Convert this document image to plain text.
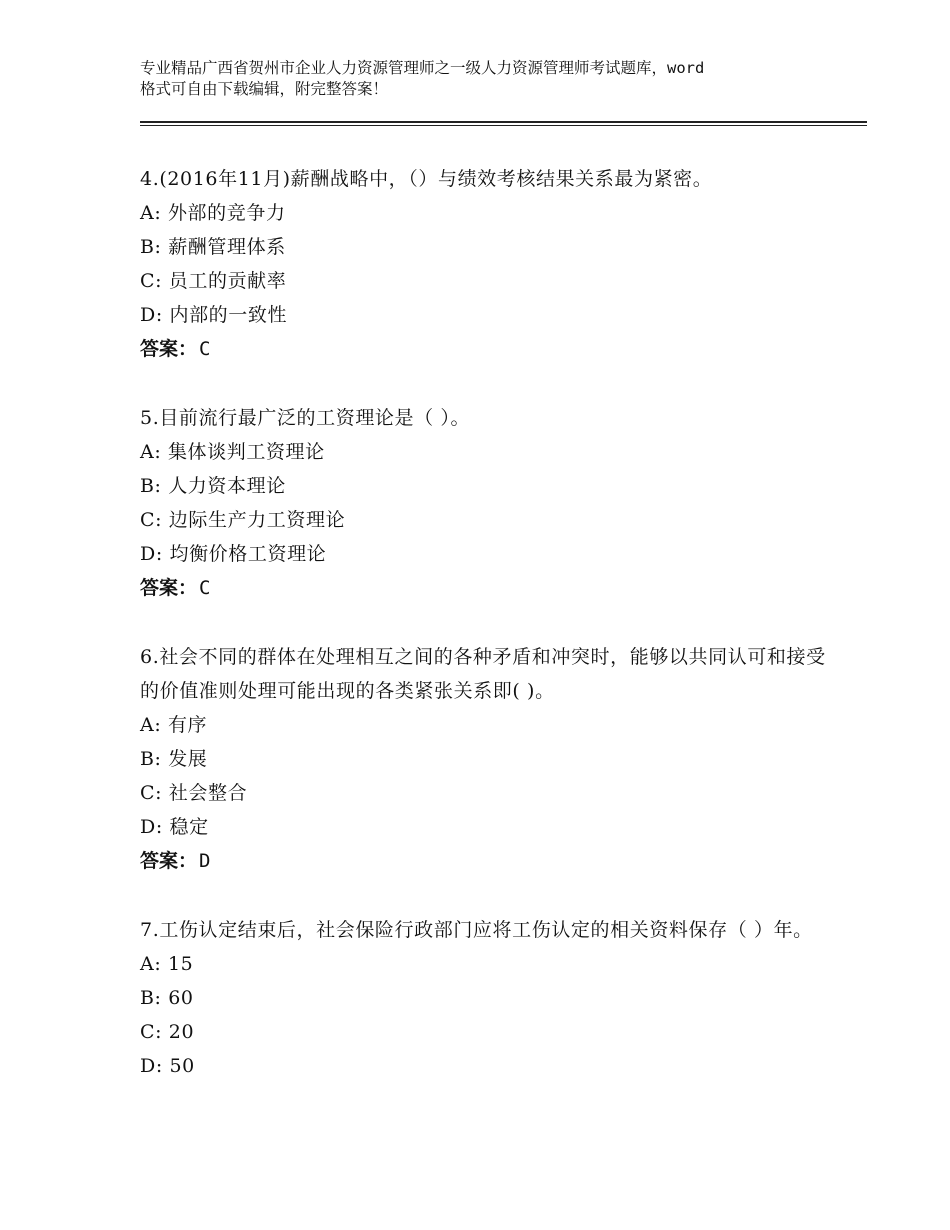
专业精品广西省贺州市企业人力资源管理师之一级人力资源管理师考试题库，word
格式可自由下载编辑，附完整答案！

4.(2016年11月)薪酬战略中，（）与绩效考核结果关系最为紧密。

A: 外部的竞争力

B: 薪酬管理体系

C: 员工的贡献率

D: 内部的一致性

答案： C

5.目前流行最广泛的工资理论是（ ）。

A: 集体谈判工资理论

B: 人力资本理论

C: 边际生产力工资理论

D: 均衡价格工资理论

答案： C

6.社会不同的群体在处理相互之间的各种矛盾和冲突时，能够以共同认可和接受的价值准则处理可能出现的各类紧张关系即( )。

A: 有序

B: 发展

C: 社会整合

D: 稳定

答案： D

7.工伤认定结束后，社会保险行政部门应将工伤认定的相关资料保存（ ）年。

A: 15

B: 60

C: 20

D: 50
